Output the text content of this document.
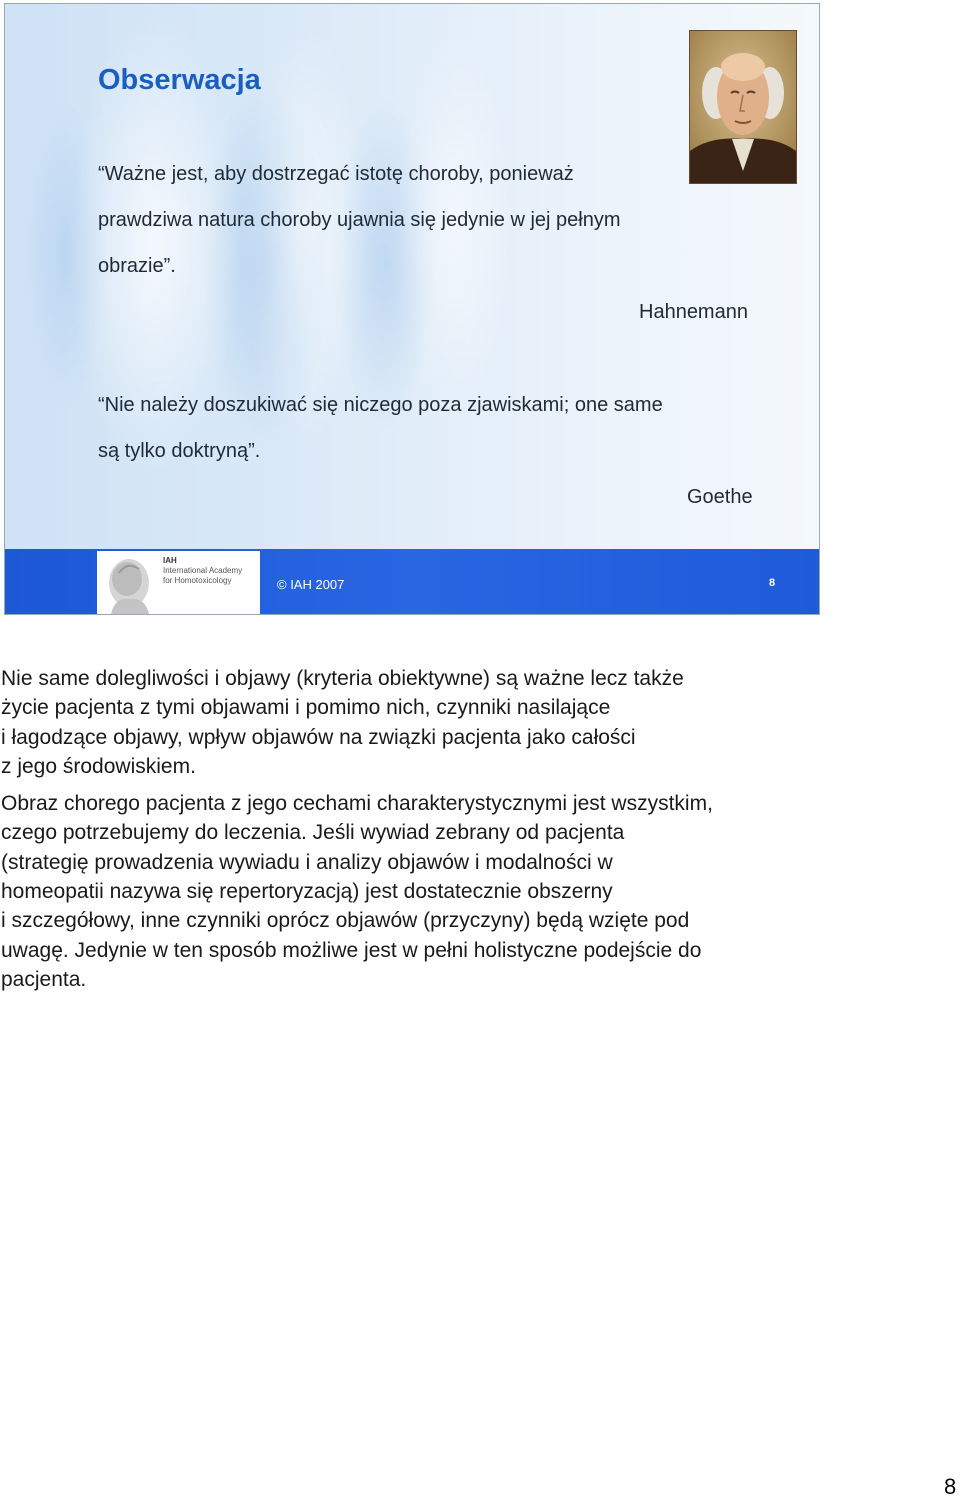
Obserwacja

“Ważne jest, aby dostrzegać istotę choroby, ponieważ

prawdziwa natura choroby ujawnia się jedynie w jej pełnym

obrazie”.

Hahnemann

“Nie należy doszukiwać się niczego poza zjawiskami; one same

są tylko doktryną”.

Goethe

IAH
International Academy
for Homotoxicology	© IAH 2007	8

Nie same dolegliwości i objawy (kryteria obiektywne) są ważne lecz także

życie pacjenta z tymi objawami i pomimo nich, czynniki nasilające

i łagodzące objawy, wpływ objawów na związki pacjenta jako całości

z jego środowiskiem.

Obraz chorego pacjenta z jego cechami charakterystycznymi jest wszystkim,

czego potrzebujemy do leczenia. Jeśli wywiad zebrany od pacjenta

(strategię prowadzenia wywiadu i analizy objawów i modalności w

homeopatii nazywa się repertoryzacją) jest dostatecznie obszerny

i szczegółowy, inne czynniki oprócz objawów (przyczyny) będą wzięte pod

uwagę. Jedynie w ten sposób możliwe jest w pełni holistyczne podejście do

pacjenta.

8
